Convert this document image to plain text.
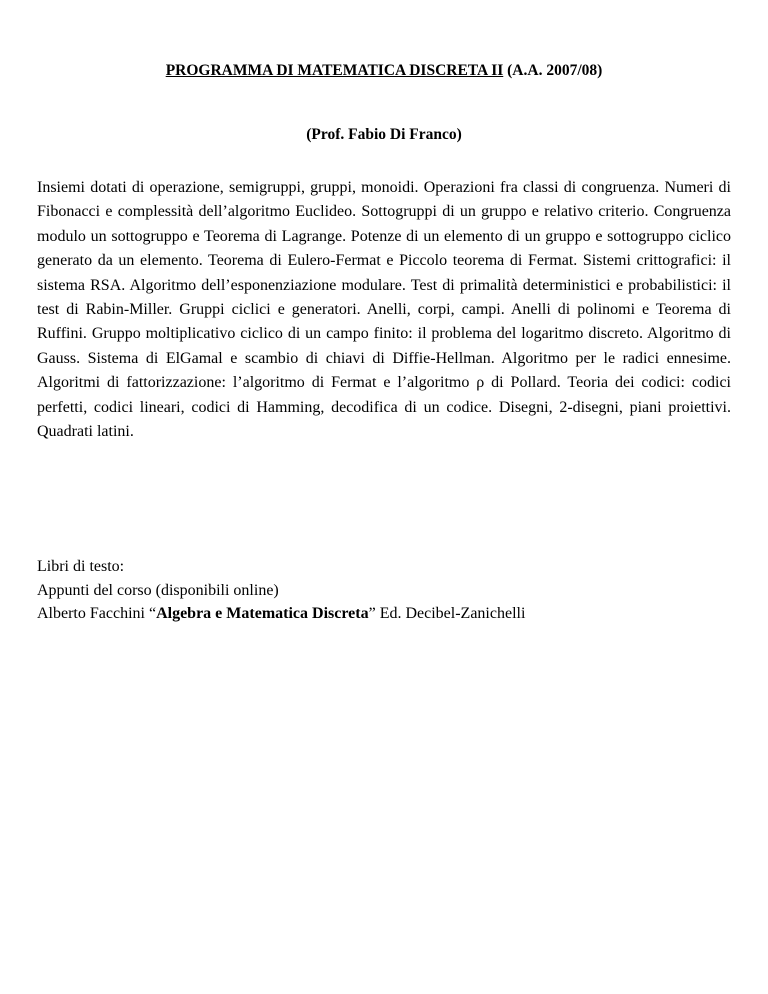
PROGRAMMA DI MATEMATICA DISCRETA II (A.A. 2007/08)
(Prof. Fabio Di Franco)

Insiemi dotati di operazione, semigruppi, gruppi, monoidi. Operazioni fra classi di congruenza. Numeri di Fibonacci e complessità dell’algoritmo Euclideo. Sottogruppi di un gruppo e relativo criterio. Congruenza modulo un sottogruppo e Teorema di Lagrange. Potenze di un elemento di un gruppo e sottogruppo ciclico generato da un elemento. Teorema di Eulero-Fermat e Piccolo teorema di Fermat. Sistemi crittografici: il sistema RSA. Algoritmo dell’esponenziazione modulare. Test di primalità deterministici e probabilistici: il test di Rabin-Miller. Gruppi ciclici e generatori. Anelli, corpi, campi. Anelli di polinomi e Teorema di Ruffini. Gruppo moltiplicativo ciclico di un campo finito: il problema del logaritmo discreto. Algoritmo di Gauss. Sistema di ElGamal e scambio di chiavi di Diffie-Hellman. Algoritmo per le radici ennesime. Algoritmi di fattorizzazione: l’algoritmo di Fermat e l’algoritmo ρ di Pollard. Teoria dei codici: codici perfetti, codici lineari, codici di Hamming, decodifica di un codice. Disegni, 2-disegni, piani proiettivi. Quadrati latini.

Libri di testo:
Appunti del corso (disponibili online)
Alberto Facchini “Algebra e Matematica Discreta” Ed. Decibel-Zanichelli
